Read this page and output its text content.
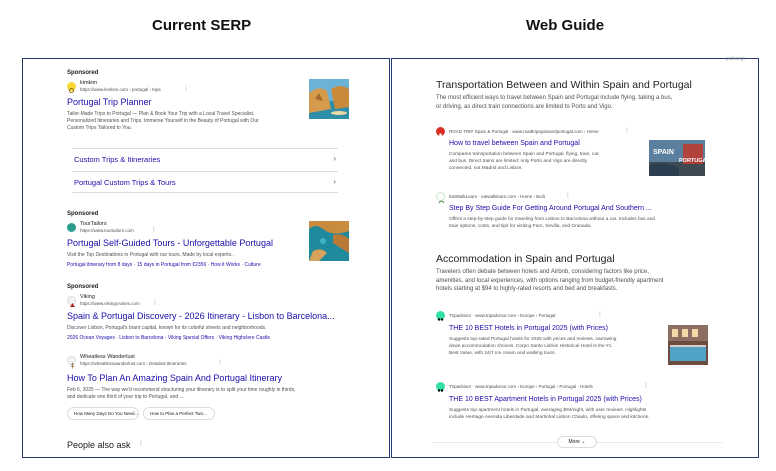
Current SERP	Web Guide
Sponsored
kimkim
https://www.kimkim.com › portugal › trips	⋮
Portugal Trip Planner
Tailor-Made Trips to Portugal — Plan & Book Your Trip with a Local Travel Specialist.
Personalized Itineraries and Trips. Immerse Yourself in the Beauty of Portugal with Our
Custom Trips Tailored to You.
Custom Trips & Itineraries	›
Portugal Custom Trips & Tours	›
Sponsored
TourTailors
https://www.tourtailors.com	⋮
Portugal Self-Guided Tours - Unforgettable Portugal
Visit the Top Destinations in Portugal with our tours. Made by local experts..
Portugal itinerary from 8 days · 15 days in Portugal from €2356 · How it Works · Culture
Sponsored
Viking
https://www.vikingcruises.com ⋮
Spain & Portugal Discovery - 2026 Itinerary - Lisbon to Barcelona...
Discover Lisbon, Portugal's brant capital, known for its colorful streets and neighborhoods.
2026 Ocean Voyages · Lisbon to Barcelona · Viking Special Offers · Viking Highclere Castle
Wheatless Wanderlust
https://wheatlesswanderlust.com › Detailed Itineraries	⋮
How To Plan An Amazing Spain And Portugal Itinerary
Feb 6, 2025 — The way we'd recommend structuring your itinerary is to split your time roughly in thirds,
and dedicate one third of your trip to Portugal, and ...
How Many Days Do You Need...	How to Plan a Perfect Two...
People also ask ⋮
pichangi
Transportation Between and Within Spain and Portugal
The most efficient ways to travel between Spain and Portugal include flying, taking a bus,
or driving, as direct train connections are limited to Porto and Vigo.
ROAD TRIP Spain & Portugal · www.roadtripspainandportugal.com › Home	⋮
How to travel between Spain and Portugal
Compares transportation between Spain and Portugal, flying, train, car,
and bus. Direct trains are limited; only Porto and Vigo are directly
connected, not Madrid and Lisbon.
SPAIN
PORTUGAL
EatWalkLearn · eatwalklearn.com › Home › Built	⋮
Step By Step Guide For Getting Around Portugal And Southern ...
Offers a step-by-step guide for traveling from Lisbon to Barcelona without a car. Includes bus and
train options, costs, and tips for visiting Faro, Sevilla, and Granada.
Accommodation in Spain and Portugal
Travelers often debate between hotels and Airbnb, considering factors like price,
amenities, and local experiences, with options ranging from budget-friendly apartment
hotels starting at $94 to highly-rated resorts and bed and breakfasts.
Tripadvisor · www.tripadvisor.com › Europe › Portugal	⋮
THE 10 BEST Hotels in Portugal 2025 (with Prices)
Suggests top-rated Portugal hotels for 2025 with prices and reviews, narrowing
down accommodation choices. Corpo Santo Lisbon Historical Hotel is the #1
Best Value, with 24/7 ice cream and walking tours.
Tripadvisor · www.tripadvisor.com › Europe › Portugal › Portugal · Hotels	⋮
THE 10 BEST Apartment Hotels in Portugal 2025 (with Prices)
Suggests top apartment hotels in Portugal, averaging $94/night, with user reviews. Highlights
include Heritage Avenida Liberdade and Martinhal Lisbon Chiado, offering space and kitchens.
More ⌄
